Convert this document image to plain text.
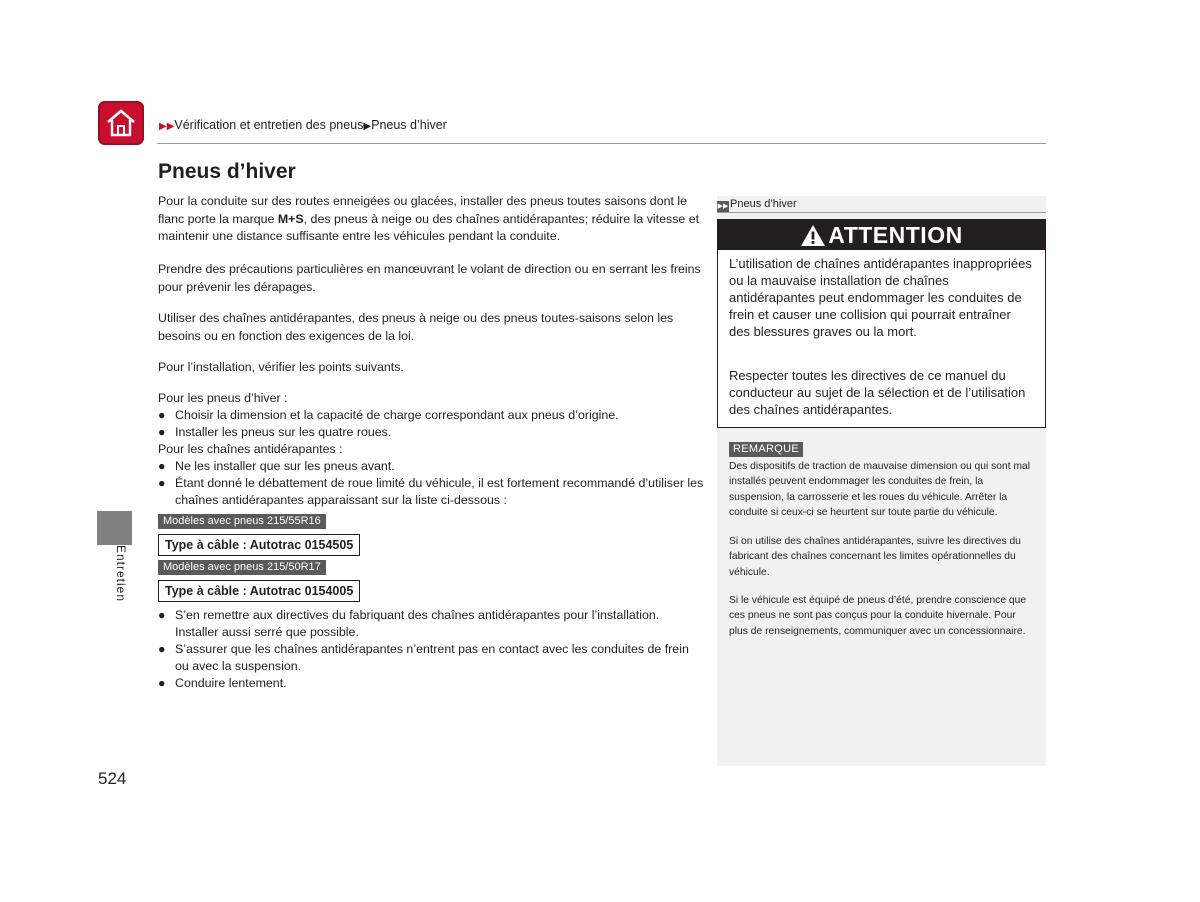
▶▶Vérification et entretien des pneus▶Pneus d’hiver
Pneus d’hiver
Pour la conduite sur des routes enneigées ou glacées, installer des pneus toutes saisons dont le flanc porte la marque M+S, des pneus à neige ou des chaînes antidérapantes; réduire la vitesse et maintenir une distance suffisante entre les véhicules pendant la conduite.
Prendre des précautions particulières en manœuvrant le volant de direction ou en serrant les freins pour prévenir les dérapages.
Utiliser des chaînes antidérapantes, des pneus à neige ou des pneus toutes-saisons selon les besoins ou en fonction des exigences de la loi.
Pour l’installation, vérifier les points suivants.
Pour les pneus d’hiver :
● Choisir la dimension et la capacité de charge correspondant aux pneus d’origine.
● Installer les pneus sur les quatre roues.
Pour les chaînes antidérapantes :
● Ne les installer que sur les pneus avant.
● Étant donné le débattement de roue limité du véhicule, il est fortement recommandé d’utiliser les chaînes antidérapantes apparaissant sur la liste ci-dessous :
Modèles avec pneus 215/55R16
Type à câble : Autotrac 0154505
Modèles avec pneus 215/50R17
Type à câble : Autotrac 0154005
● S’en remettre aux directives du fabriquant des chaînes antidérapantes pour l’installation. Installer aussi serré que possible.
● S’assurer que les chaînes antidérapantes n’entrent pas en contact avec les conduites de frein ou avec la suspension.
● Conduire lentement.
Entretien
524
▶▶ Pneus d’hiver
ATTENTION
L’utilisation de chaînes antidérapantes inappropriées ou la mauvaise installation de chaînes antidérapantes peut endommager les conduites de frein et causer une collision qui pourrait entraîner des blessures graves ou la mort.
Respecter toutes les directives de ce manuel du conducteur au sujet de la sélection et de l’utilisation des chaînes antidérapantes.
REMARQUE
Des dispositifs de traction de mauvaise dimension ou qui sont mal installés peuvent endommager les conduites de frein, la suspension, la carrosserie et les roues du véhicule. Arrêter la conduite si ceux-ci se heurtent sur toute partie du véhicule.
Si on utilise des chaînes antidérapantes, suivre les directives du fabricant des chaînes concernant les limites opérationnelles du véhicule.
Si le véhicule est équipé de pneus d’été, prendre conscience que ces pneus ne sont pas conçus pour la conduite hivernale. Pour plus de renseignements, communiquer avec un concessionnaire.
